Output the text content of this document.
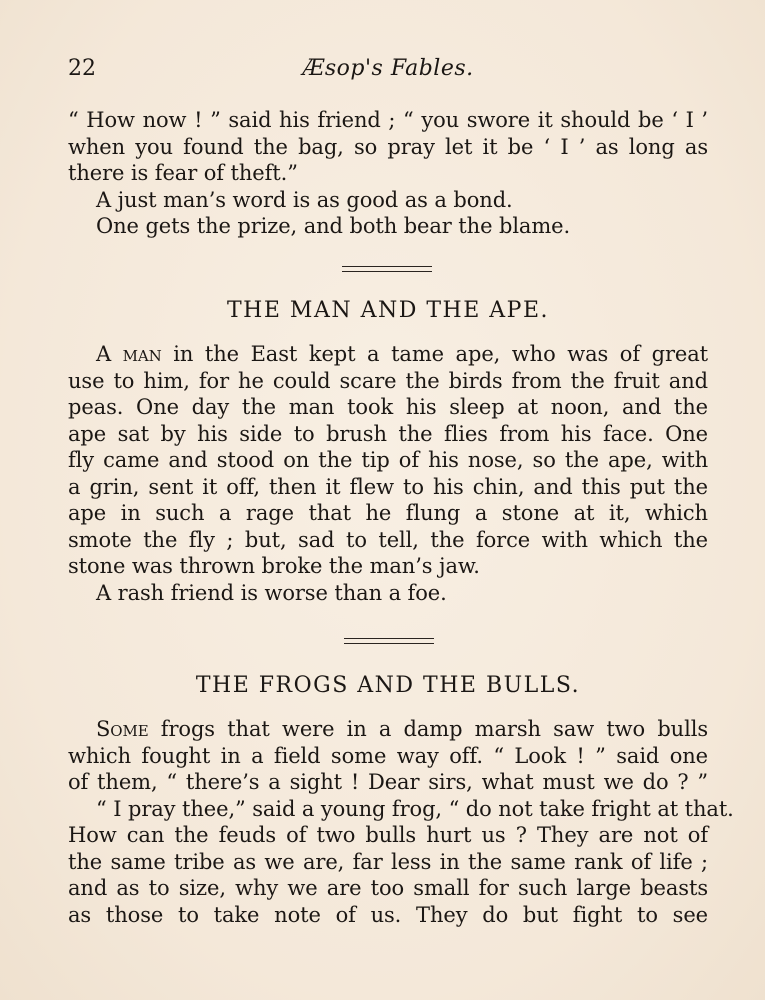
22	Æsop's Fables.
“ How now ! ” said his friend ; “ you swore it should be ‘ I ’
when you found the bag, so pray let it be ‘ I ’ as long as
there is fear of theft.”
A just man’s word is as good as a bond.
One gets the prize, and both bear the blame.
THE MAN AND THE APE.
A man in the East kept a tame ape, who was of great
use to him, for he could scare the birds from the fruit and
peas. One day the man took his sleep at noon, and the
ape sat by his side to brush the flies from his face. One
fly came and stood on the tip of his nose, so the ape, with
a grin, sent it off, then it flew to his chin, and this put the
ape in such a rage that he flung a stone at it, which
smote the fly ; but, sad to tell, the force with which the
stone was thrown broke the man’s jaw.
A rash friend is worse than a foe.
THE FROGS AND THE BULLS.
Some frogs that were in a damp marsh saw two bulls
which fought in a field some way off. “ Look ! ” said one
of them, “ there’s a sight ! Dear sirs, what must we do ? ”
“ I pray thee,” said a young frog, “ do not take fright at that.
How can the feuds of two bulls hurt us ? They are not of
the same tribe as we are, far less in the same rank of life ;
and as to size, why we are too small for such large beasts
as those to take note of us. They do but fight to see
